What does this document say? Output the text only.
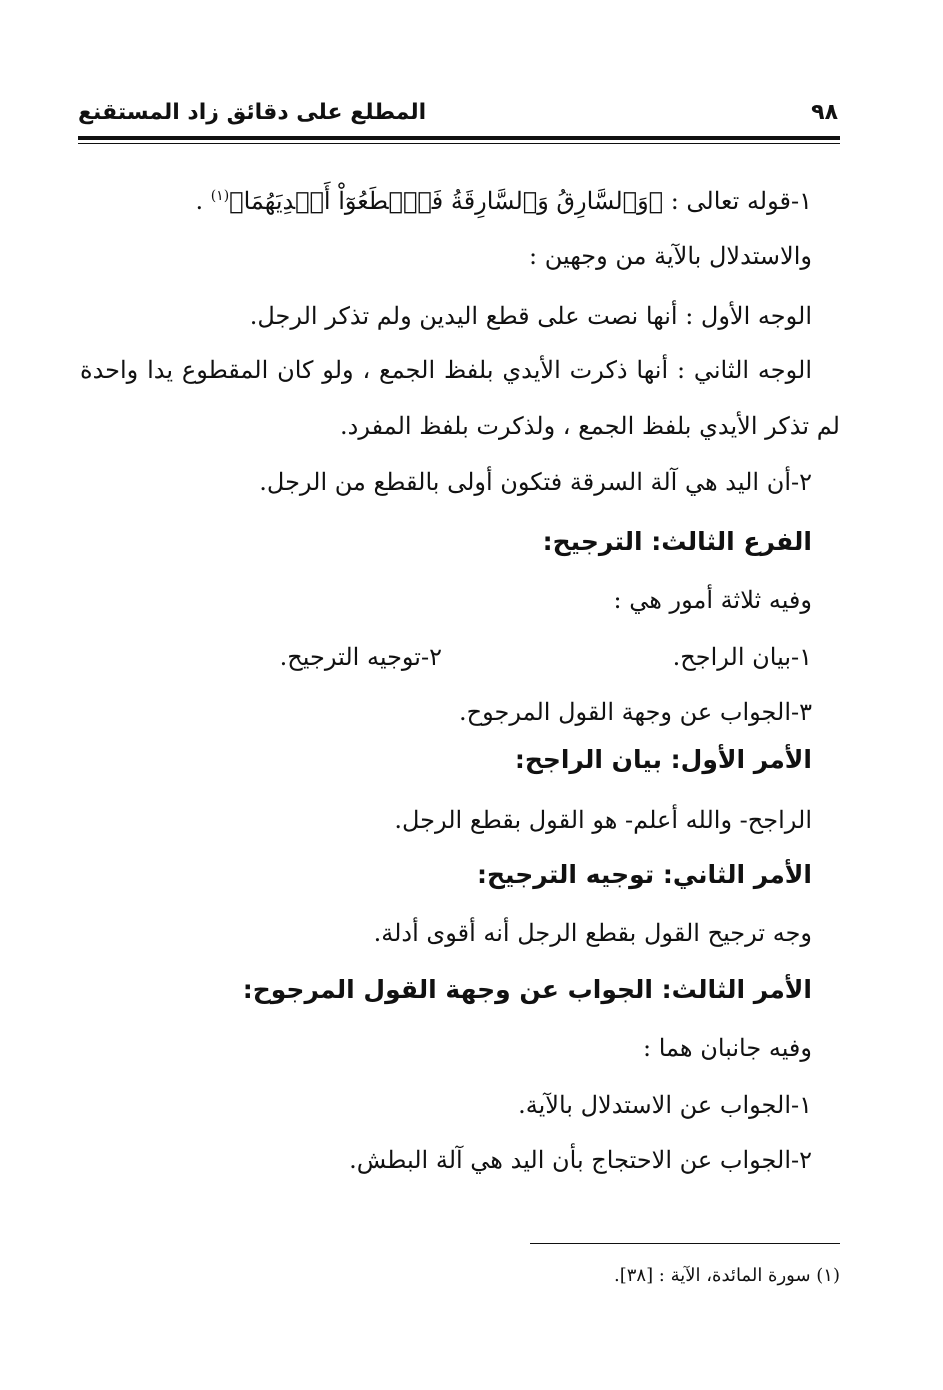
٩٨
المطلع على دقائق زاد المستقنع
١-قوله تعالى : ﴿وَٱلسَّارِقُ وَٱلسَّارِقَةُ فَٱقۡطَعُوٓاْ أَيۡدِيَهُمَا﴾$^{(١)}$ .
والاستدلال بالآية من وجهين :
الوجه الأول : أنها نصت على قطع اليدين ولم تذكر الرجل.
الوجه الثاني : أنها ذكرت الأيدي بلفظ الجمع ، ولو كان المقطوع يدا واحدة
لم تذكر الأيدي بلفظ الجمع ، ولذكرت بلفظ المفرد.
٢-أن اليد هي آلة السرقة فتكون أولى بالقطع من الرجل.
الفرع الثالث: الترجيح:
وفيه ثلاثة أمور هي :
١-بيان الراجح.
٢-توجيه الترجيح.
٣-الجواب عن وجهة القول المرجوح.
الأمر الأول: بيان الراجح:
الراجح- والله أعلم- هو القول بقطع الرجل.
الأمر الثاني: توجيه الترجيح:
وجه ترجيح القول بقطع الرجل أنه أقوى أدلة.
الأمر الثالث: الجواب عن وجهة القول المرجوح:
وفيه جانبان هما :
١-الجواب عن الاستدلال بالآية.
٢-الجواب عن الاحتجاج بأن اليد هي آلة البطش.
(١) سورة المائدة، الآية : [٣٨].
